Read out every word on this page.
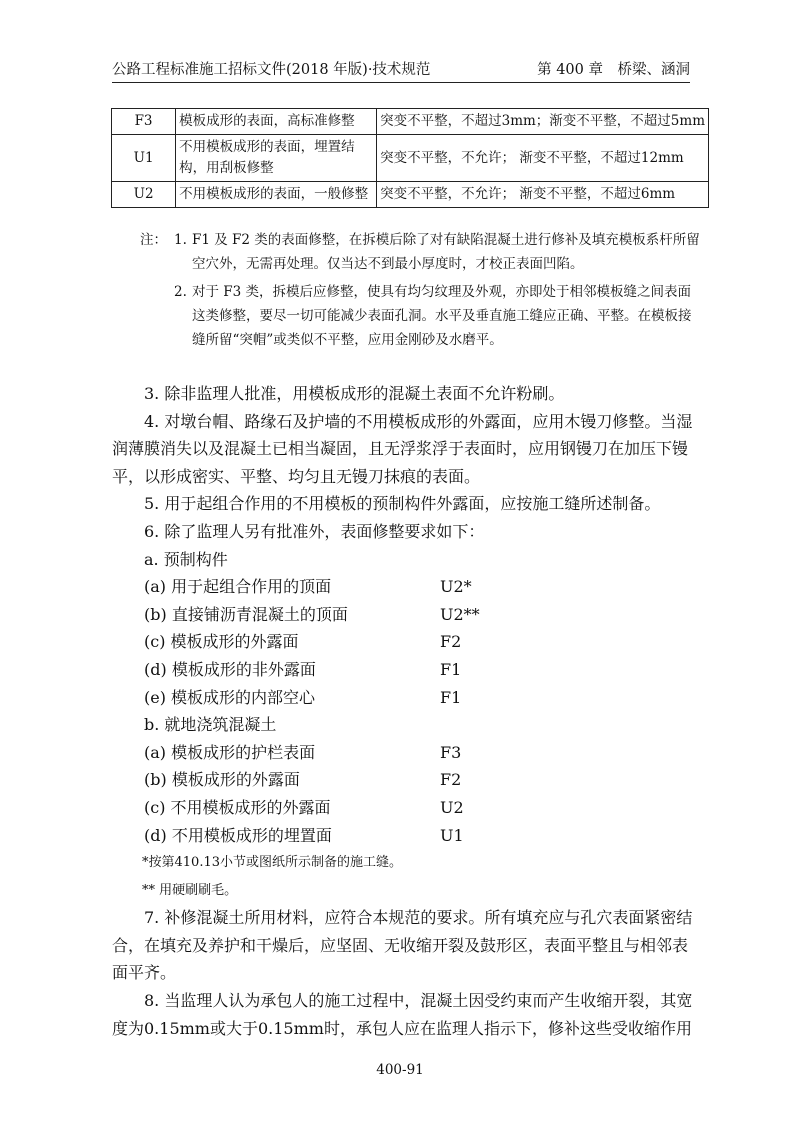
公路工程标准施工招标文件(2018 年版)·技术规范	第 400 章　桥梁、涵洞
F3	模板成形的表面，高标准修整	突变不平整，不超过3mm；渐变不平整，不超过5mm
U1	不用模板成形的表面，埋置结构，用刮板修整	突变不平整，不允许； 渐变不平整，不超过12mm
U2	不用模板成形的表面，一般修整	突变不平整，不允许； 渐变不平整，不超过6mm
注： 1. F1 及 F2 类的表面修整，在拆模后除了对有缺陷混凝土进行修补及填充模板系杆所留空穴外，无需再处理。仅当达不到最小厚度时，才校正表面凹陷。
2. 对于 F3 类，拆模后应修整，使具有均匀纹理及外观，亦即处于相邻模板缝之间表面这类修整，要尽一切可能减少表面孔洞。水平及垂直施工缝应正确、平整。在模板接缝所留“突帽”或类似不平整，应用金刚砂及水磨平。

3. 除非监理人批准，用模板成形的混凝土表面不允许粉刷。

4. 对墩台帽、路缘石及护墙的不用模板成形的外露面，应用木镘刀修整。当湿润薄膜消失以及混凝土已相当凝固，且无浮浆浮于表面时，应用钢镘刀在加压下镘平，以形成密实、平整、均匀且无镘刀抹痕的表面。

5. 用于起组合作用的不用模板的预制构件外露面，应按施工缝所述制备。

6. 除了监理人另有批准外，表面修整要求如下：

a. 预制构件

(a) 用于起组合作用的顶面	U2*

(b) 直接铺沥青混凝土的顶面	U2**

(c) 模板成形的外露面	F2

(d) 模板成形的非外露面	F1

(e) 模板成形的内部空心	F1

b. 就地浇筑混凝土

(a) 模板成形的护栏表面	F3

(b) 模板成形的外露面	F2

(c) 不用模板成形的外露面	U2

(d) 不用模板成形的埋置面	U1

*按第410.13小节或图纸所示制备的施工缝。

** 用硬刷刷毛。

7. 补修混凝土所用材料，应符合本规范的要求。所有填充应与孔穴表面紧密结合，在填充及养护和干燥后，应坚固、无收缩开裂及鼓形区，表面平整且与相邻表面平齐。

8. 当监理人认为承包人的施工过程中，混凝土因受约束而产生收缩开裂，其宽度为0.15mm或大于0.15mm时，承包人应在监理人指示下，修补这些受收缩作用

400-91
